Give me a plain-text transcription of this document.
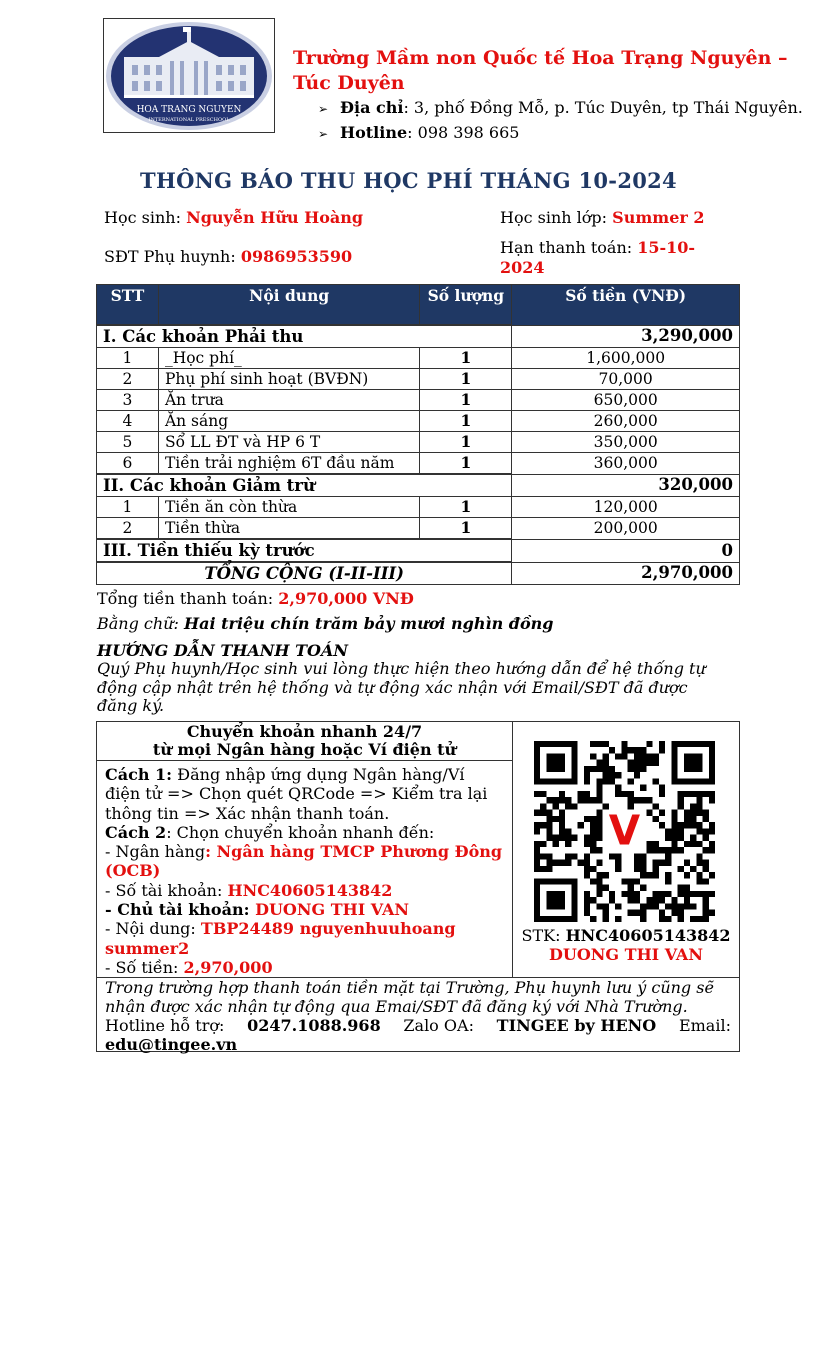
HOA TRANG NGUYEN
INTERNATIONAL PRESCHOOL
Trường Mầm non Quốc tế Hoa Trạng Nguyên – Túc Duyên
➢ Địa chỉ: 3, phố Đồng Mỗ, p. Túc Duyên, tp Thái Nguyên.
➢ Hotline: 098 398 665
THÔNG BÁO THU HỌC PHÍ THÁNG 10-2024
Học sinh: Nguyễn Hữu Hoàng	Học sinh lớp: Summer 2
SĐT Phụ huynh: 0986953590	Hạn thanh toán: 15-10-2024
STT	Nội dung	Số lượng	Số tiền (VNĐ)
I. Các khoản Phải thu			3,290,000
1	_Học phí_	1	1,600,000
2	Phụ phí sinh hoạt (BVĐN)	1	70,000
3	Ăn trưa	1	650,000
4	Ăn sáng	1	260,000
5	Sổ LL ĐT và HP 6 T	1	350,000
6	Tiền trải nghiệm 6T đầu năm	1	360,000
II. Các khoản Giảm trừ			320,000
1	Tiền ăn còn thừa	1	120,000
2	Tiền thừa	1	200,000
III. Tiền thiếu kỳ trước			0
TỔNG CỘNG (I-II-III)			2,970,000
Tổng tiền thanh toán: 2,970,000 VNĐ
Bằng chữ: Hai triệu chín trăm bảy mươi nghìn đồng
HƯỚNG DẪN THANH TOÁN
Quý Phụ huynh/Học sinh vui lòng thực hiện theo hướng dẫn để hệ thống tự động cập nhật trên hệ thống và tự động xác nhận với Email/SĐT đã được đăng ký.
Chuyển khoản nhanh 24/7
từ mọi Ngân hàng hoặc Ví điện tử
Cách 1: Đăng nhập ứng dụng Ngân hàng/Ví điện tử => Chọn quét QRCode => Kiểm tra lại thông tin => Xác nhận thanh toán.
Cách 2: Chọn chuyển khoản nhanh đến:
- Ngân hàng: Ngân hàng TMCP Phương Đông (OCB)
- Số tài khoản: HNC40605143842
- Chủ tài khoản: DUONG THI VAN
- Nội dung: TBP24489 nguyenhuuhoang summer2
- Số tiền: 2,970,000
V
STK: HNC40605143842
DUONG THI VAN
Trong trường hợp thanh toán tiền mặt tại Trường, Phụ huynh lưu ý cũng sẽ nhận được xác nhận tự động qua Emai/SĐT đã đăng ký với Nhà Trường.
Hotline hỗ trợ: 0247.1088.968 Zalo OA: TINGEE by HENO Email:
edu@tingee.vn
